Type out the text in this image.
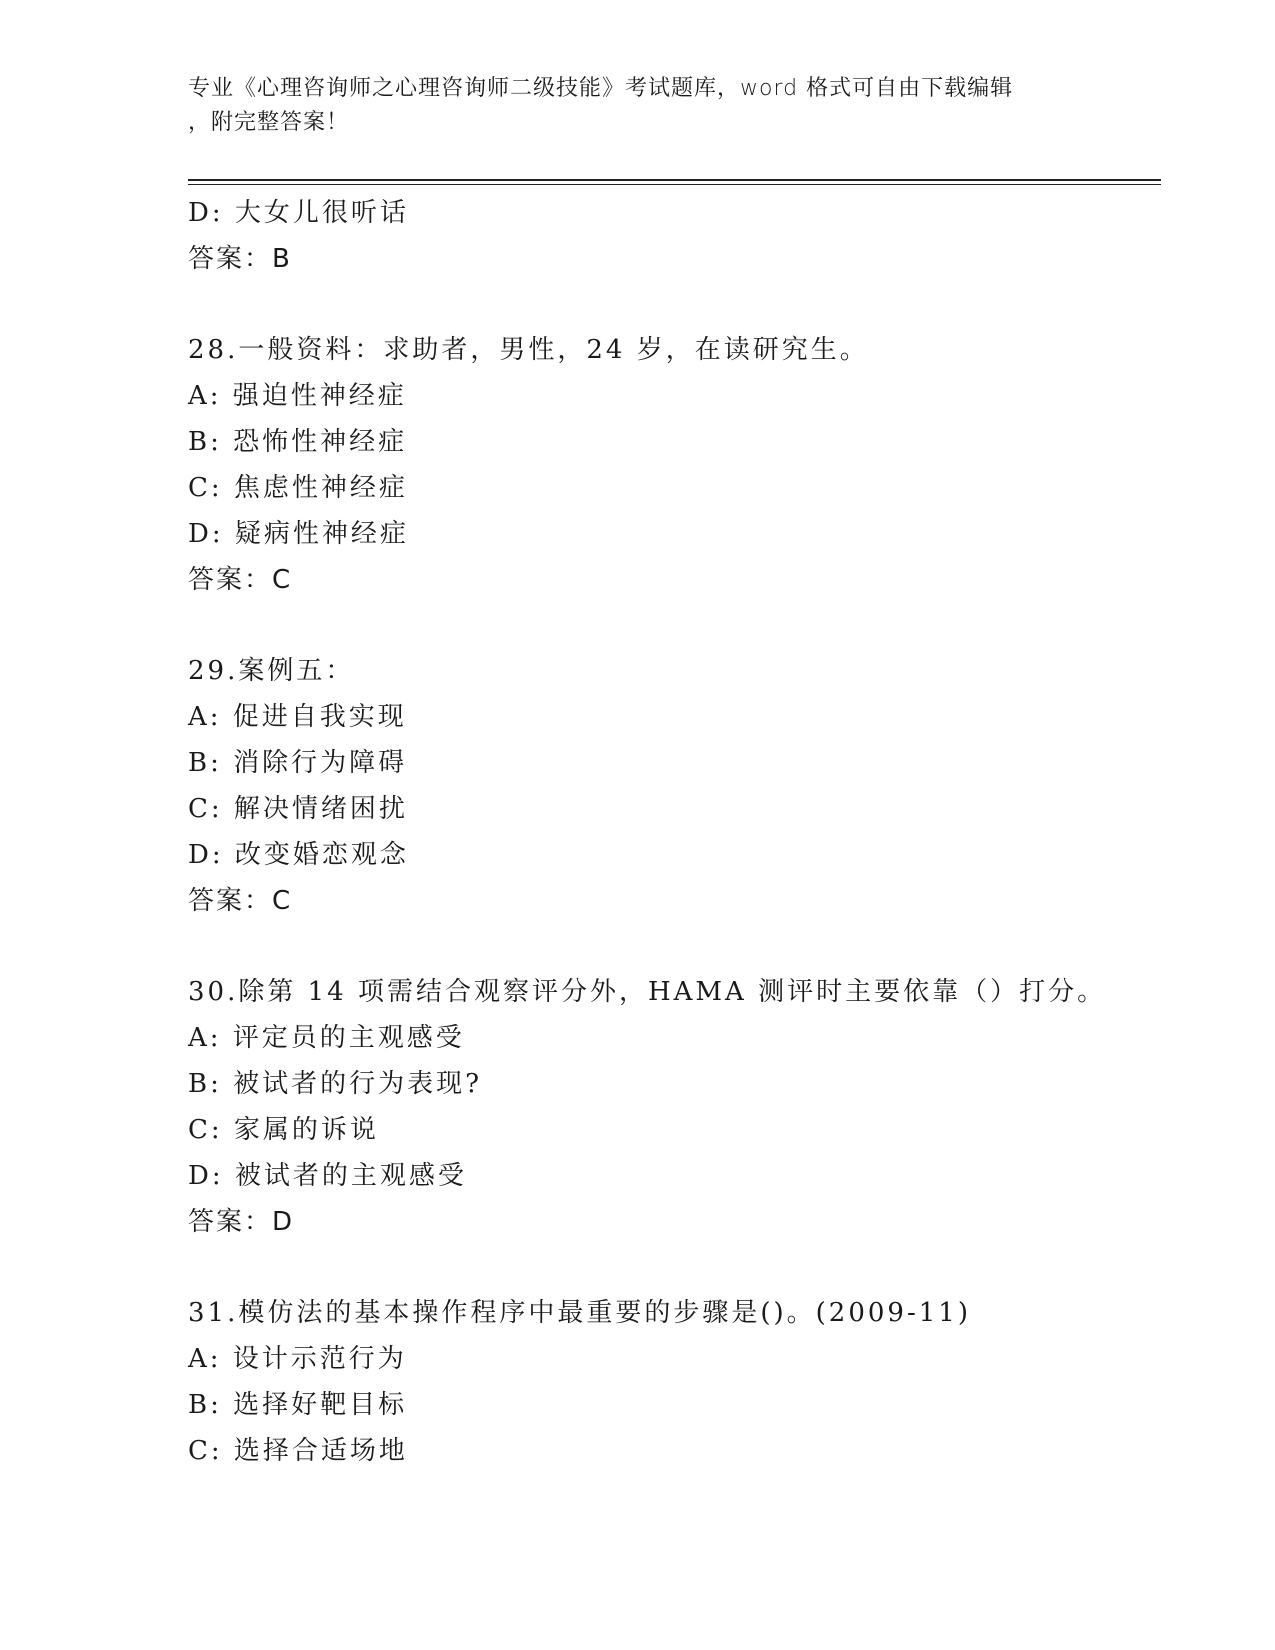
专业《心理咨询师之心理咨询师二级技能》考试题库，word 格式可自由下载编辑
，附完整答案！
D: 大女儿很听话
答案：B
28.一般资料：求助者，男性，24 岁，在读研究生。
A: 强迫性神经症
B: 恐怖性神经症
C: 焦虑性神经症
D: 疑病性神经症
答案：C
29.案例五：
A: 促进自我实现
B: 消除行为障碍
C: 解决情绪困扰
D: 改变婚恋观念
答案：C
30.除第 14 项需结合观察评分外，HAMA 测评时主要依靠（）打分。
A: 评定员的主观感受
B: 被试者的行为表现?
C: 家属的诉说
D: 被试者的主观感受
答案：D
31.模仿法的基本操作程序中最重要的步骤是()。(2009-11)
A: 设计示范行为
B: 选择好靶目标
C: 选择合适场地
